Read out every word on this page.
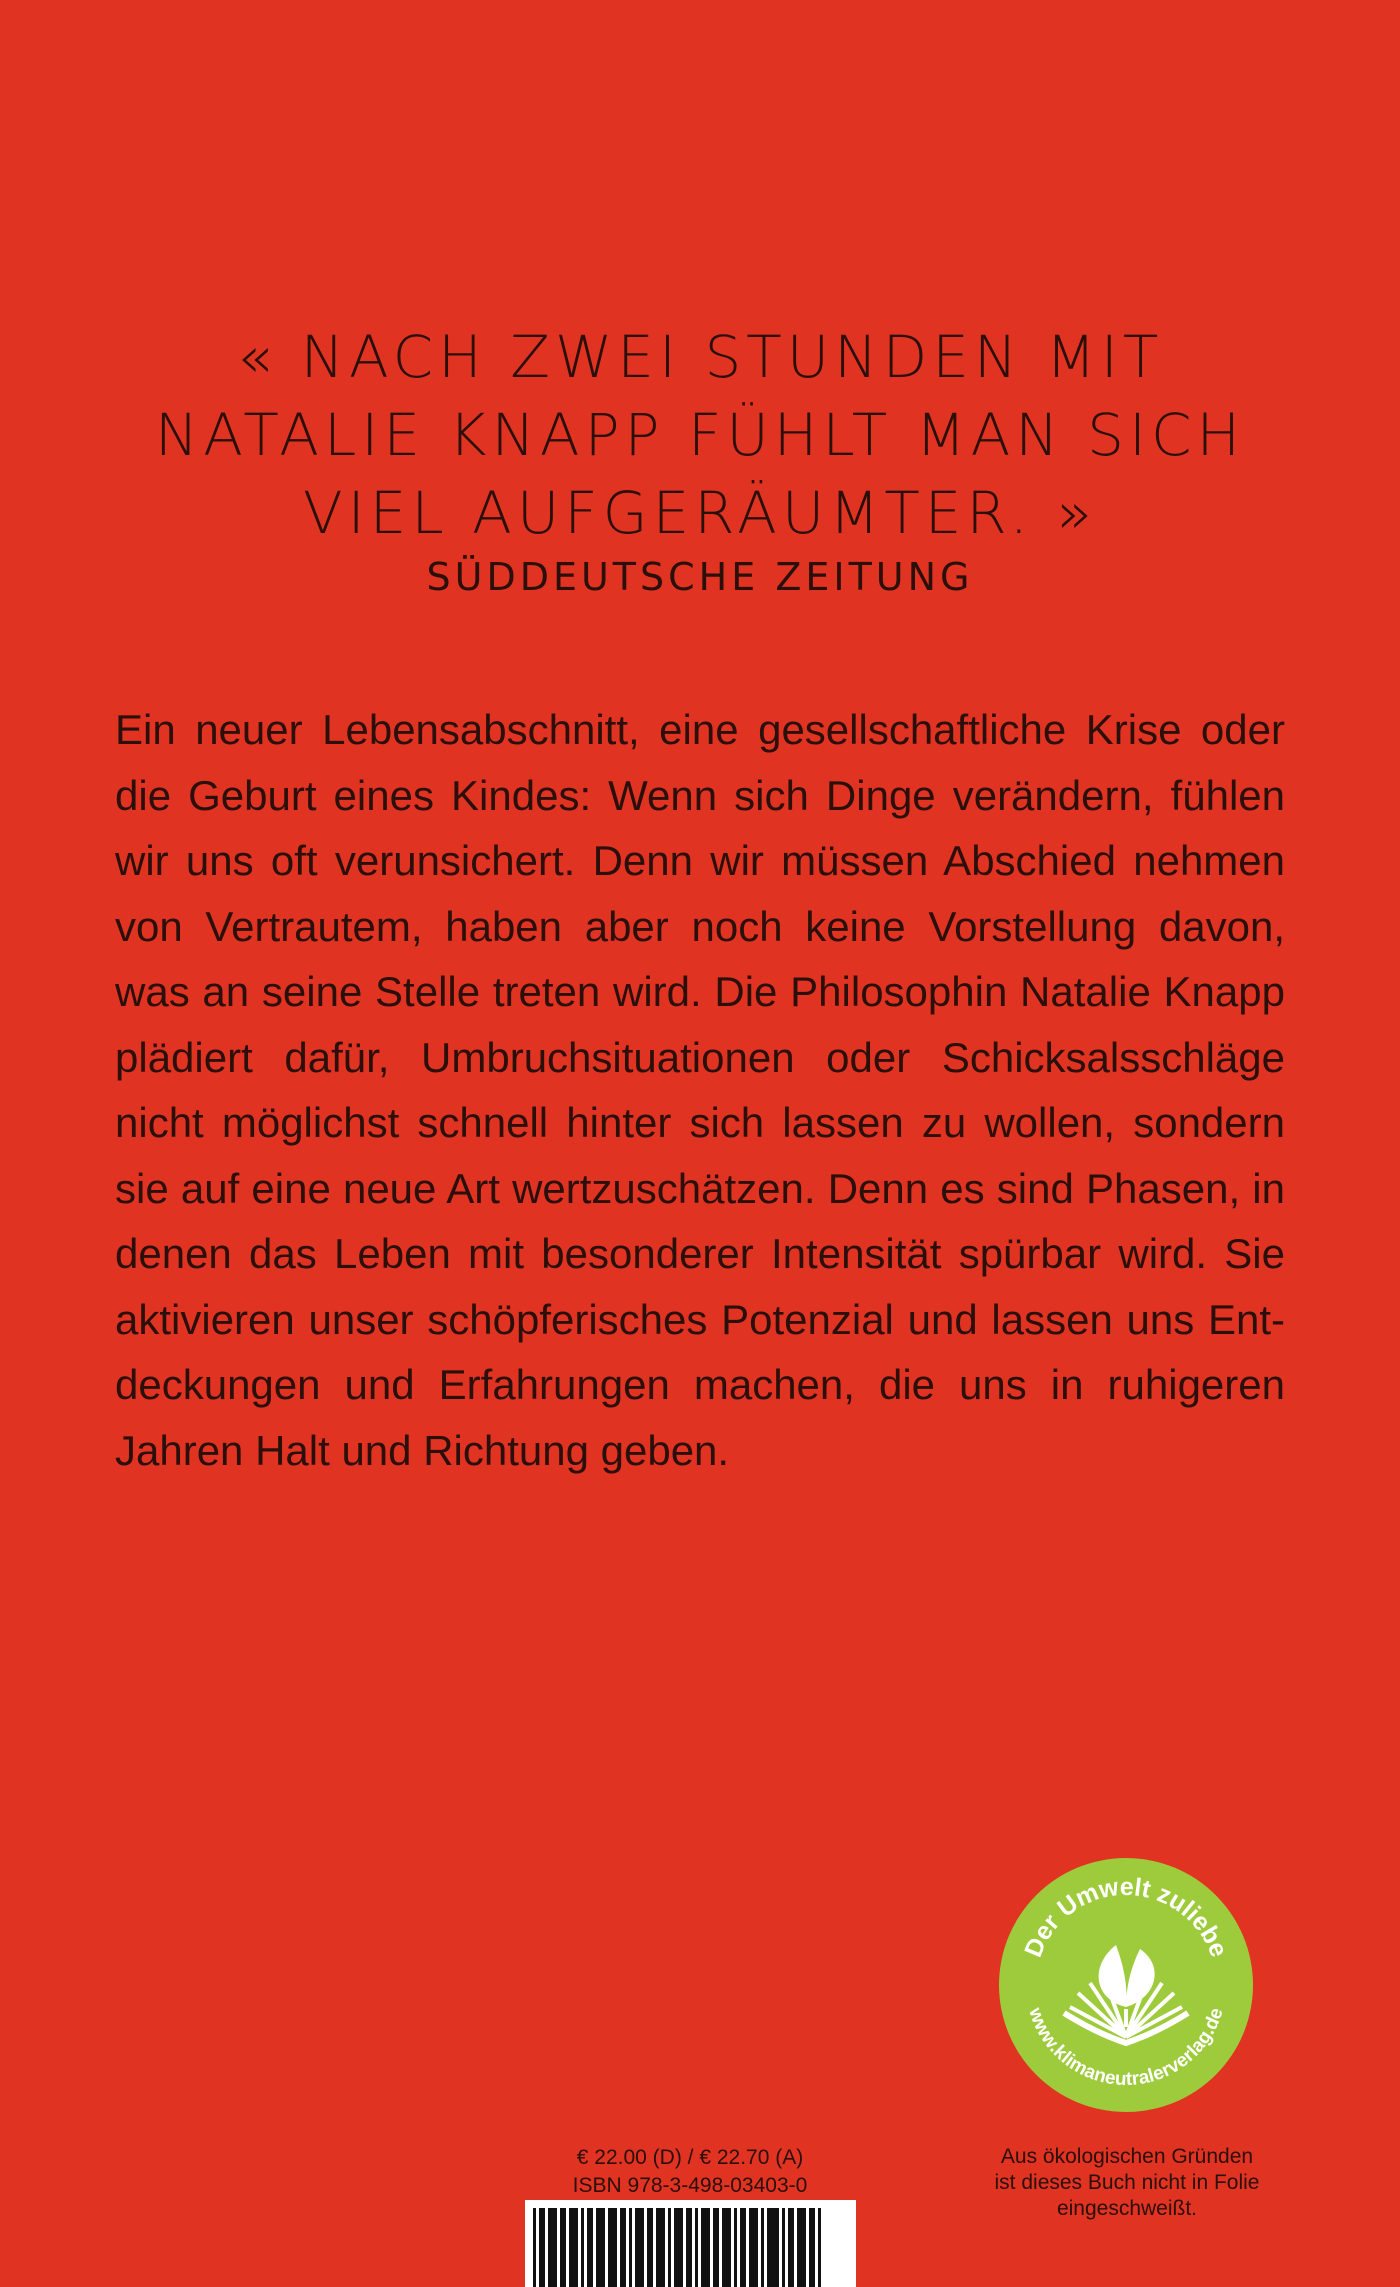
« NACH ZWEI STUNDEN MIT
NATALIE KNAPP FÜHLT MAN SICH
VIEL AUFGERÄUMTER. »
SÜDDEUTSCHE ZEITUNG
Ein neuer Lebensabschnitt, eine gesellschaftliche Krise oder
die Geburt eines Kindes: Wenn sich Dinge verändern, fühlen
wir uns oft verunsichert. Denn wir müssen Abschied nehmen
von Vertrautem, haben aber noch keine Vorstellung davon,
was an seine Stelle treten wird. Die Philosophin Natalie Knapp
plädiert dafür, Umbruchsituationen oder Schicksalsschläge
nicht möglichst schnell hinter sich lassen zu wollen, sondern
sie auf eine neue Art wertzuschätzen. Denn es sind Phasen, in
denen das Leben mit besonderer Intensität spürbar wird. Sie
aktivieren unser schöpferisches Potenzial und lassen uns Ent-
deckungen und Erfahrungen machen, die uns in ruhigeren
Jahren Halt und Richtung geben.
Der Umwelt zuliebe
www.klimaneutralerverlag.de
Aus ökologischen Gründen
ist dieses Buch nicht in Folie
eingeschweißt.
€ 22.00 (D) / € 22.70 (A)
ISBN 978-3-498-03403-0
